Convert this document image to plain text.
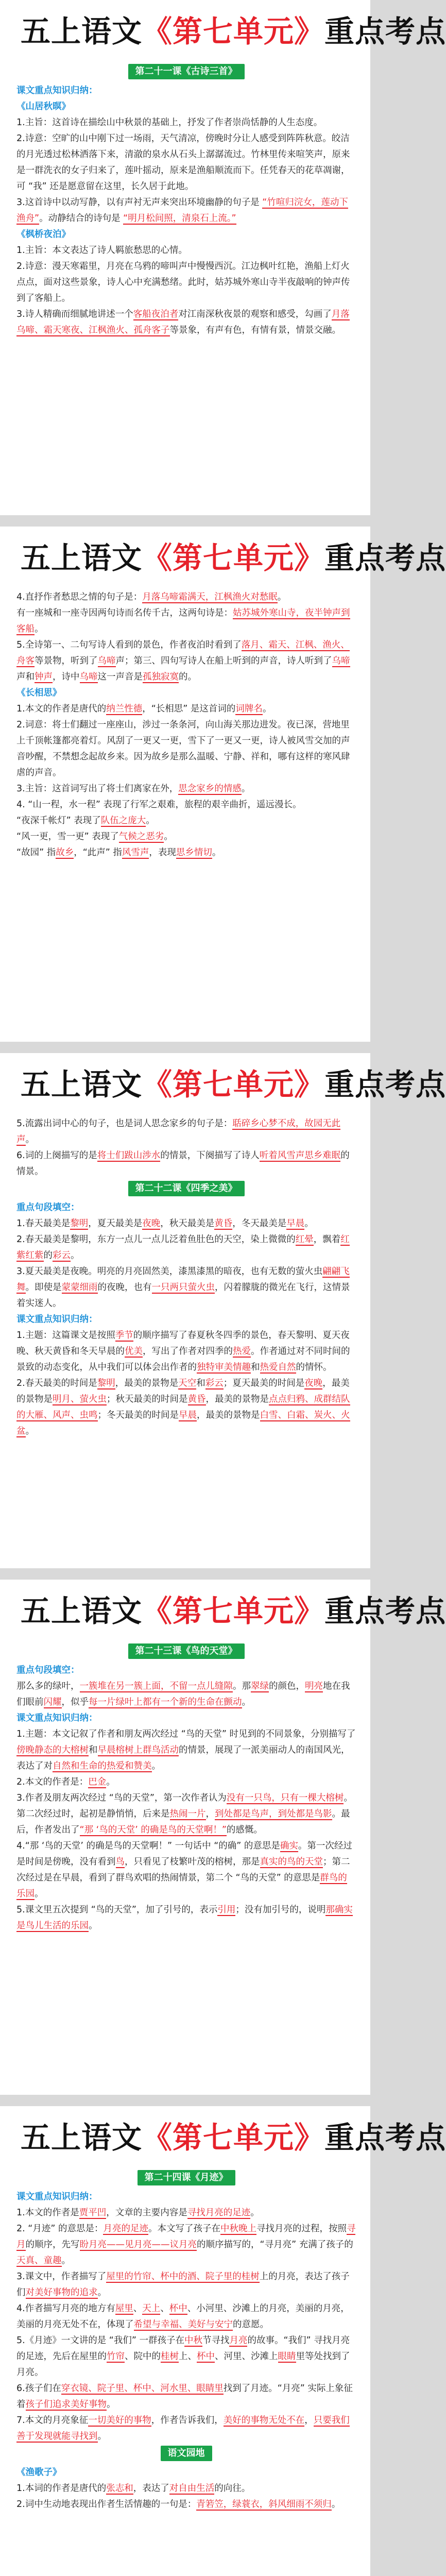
五上语文《第七单元》重点考点
第二十一课《古诗三首》

课文重点知识归纳：

《山居秋暝》

1.主旨：这首诗在描绘山中秋景的基础上，抒发了作者崇尚恬静的人生态度。

2.诗意：空旷的山中刚下过一场雨，天气清凉，傍晚时分让人感受到阵阵秋意。皎洁的月光透过松林洒落下来，清澈的泉水从石头上潺潺流过。竹林里传来喧笑声，原来是一群洗衣的女子归来了，莲叶摇动，原来是渔船顺流而下。任凭春天的花草凋谢，可 “我” 还是愿意留在这里，长久居于此地。

3.这首诗中以动写静，以有声衬无声来突出环境幽静的句子是 “竹喧归浣女，莲动下渔舟”。动静结合的诗句是 “明月松间照，清泉石上流。”

《枫桥夜泊》

1.主旨：本文表达了诗人羁旅愁思的心情。

2.诗意：漫天寒霜里，月亮在乌鸦的啼叫声中慢慢西沉。江边枫叶红艳，渔船上灯火点点，面对这些景象，诗人心中充满愁绪。此时，姑苏城外寒山寺半夜敲响的钟声传到了客船上。

3.诗人精确而细腻地讲述一个客船夜泊者对江南深秋夜景的观察和感受，勾画了月落乌啼、霜天寒夜、江枫渔火、孤舟客子等景象，有声有色，有情有景，情景交融。

五上语文《第七单元》重点考点

4.直抒作者愁思之情的句子是：月落乌啼霜满天，江枫渔火对愁眠。

有一座城和一座寺因两句诗而名传千古，这两句诗是：姑苏城外寒山寺，夜半钟声到客船。

5.全诗第一、二句写诗人看到的景色，作者夜泊时看到了落月、霜天、江枫、渔火、舟客等景物，听到了乌啼声；第三、四句写诗人在船上听到的声音，诗人听到了乌啼声和钟声，诗中乌啼这一声音是孤独寂寞的。

《长相思》

1.本文的作者是唐代的纳兰性德，“长相思” 是这首词的词牌名。

2.词意：将士们翻过一座座山，涉过一条条河，向山海关那边进发。夜已深，营地里上千顶帐篷都亮着灯。风刮了一更又一更，雪下了一更又一更，诗人被风雪交加的声音吵醒，不禁想念起故乡来。因为故乡是那么温暖、宁静、祥和，哪有这样的寒风肆虐的声音。

3.主旨：这首词写出了将士们离家在外，思念家乡的情感。

4. “山一程，水一程” 表现了行军之艰难，旅程的艰辛曲折，遥远漫长。

“夜深千帐灯” 表现了队伍之庞大。

“风一更，雪一更” 表现了气候之恶劣。

“故园” 指故乡，“此声” 指风雪声，表现思乡情切。

五上语文《第七单元》重点考点

5.流露出词中心的句子，也是词人思念家乡的句子是：聒碎乡心梦不成，故园无此声。

6.词的上阕描写的是将士们跋山涉水的情景，下阕描写了诗人听着风雪声思乡难眠的情景。

第二十二课《四季之美》

重点句段填空：

1.春天最美是黎明，夏天最美是夜晚，秋天最美是黄昏，冬天最美是早晨。

2.春天最美是黎明，东方一点儿一点儿泛着鱼肚色的天空，染上微微的红晕，飘着红紫红紫的彩云。

3.夏天最美是夜晚。明亮的月亮固然美，漆黑漆黑的暗夜，也有无数的萤火虫翩翩飞舞。即使是蒙蒙细雨的夜晚，也有一只两只萤火虫，闪着朦胧的微光在飞行，这情景着实迷人。

课文重点知识归纳：

1.主题：这篇课文是按照季节的顺序描写了春夏秋冬四季的景色，春天黎明、夏天夜晚、秋天黄昏和冬天早晨的优美，写出了作者对四季的热爱。作者通过对不同时间的景致的动态变化，从中我们可以体会出作者的独特审美情趣和热爱自然的情怀。

2.春天最美的时间是黎明，最美的景物是天空和彩云；夏天最美的时间是夜晚，最美的景物是明月、萤火虫；秋天最美的时间是黄昏，最美的景物是点点归鸦、成群结队的大雁、风声、虫鸣；冬天最美的时间是早晨，最美的景物是白雪、白霜、炭火、火盆。

五上语文《第七单元》重点考点
第二十三课《鸟的天堂》

重点句段填空：

那么多的绿叶，一簇堆在另一簇上面，不留一点儿缝隙。那翠绿的颜色，明亮地在我们眼前闪耀，似乎每一片绿叶上都有一个新的生命在颤动。

课文重点知识归纳：

1.主题：本文记叙了作者和朋友两次经过 “鸟的天堂” 时见到的不同景象，分别描写了傍晚静态的大榕树和早晨榕树上群鸟活动的情景，展现了一派美丽动人的南国风光，表达了对自然和生命的热爱和赞美。

2.本文的作者是：巴金。

3.作者及朋友两次经过 “鸟的天堂”，第一次作者认为没有一只鸟，只有一棵大榕树。第二次经过时，起初是静悄悄，后来是热闹一片，到处都是鸟声，到处都是鸟影。最后，作者发出了“那 ‘鸟的天堂’ 的确是鸟的天堂啊！”的感慨。

4.“那 ‘鸟的天堂’ 的确是鸟的天堂啊！” 一句话中 “的确” 的意思是确实。第一次经过是时间是傍晚，没有看到鸟，只看见了枝繁叶茂的榕树，那是真实的鸟的天堂；第二次经过是在早晨，看到了群鸟欢唱的热闹情景，第二个 “鸟的天堂” 的意思是群鸟的乐园。

5.课文里五次提到 “鸟的天堂”，加了引号的，表示引用；没有加引号的，说明那确实是鸟儿生活的乐园。

五上语文《第七单元》重点考点
第二十四课《月迹》

课文重点知识归纳：

1.本文的作者是贾平凹，文章的主要内容是寻找月亮的足迹。

2. “月迹” 的意思是：月亮的足迹。本文写了孩子在中秋晚上寻找月亮的过程，按照寻月的顺序，先写盼月亮——见月亮——议月亮的顺序描写的，“寻月亮” 充满了孩子的天真、童趣。

3.课文中，作者描写了屋里的竹帘、杯中的酒、院子里的桂树上的月亮，表达了孩子们对美好事物的追求。

4.作者描写月亮的地方有屋里、天上、杯中、小河里、沙滩上的月亮，美丽的月亮，美丽的月亮无处不在，体现了希望与幸福、美好与安宁的意愿。

5.《月迹》一文讲的是 “我们” 一群孩子在中秋节寻找月亮的故事。“我们” 寻找月亮的足迹，先后在屋里的竹帘、院中的桂树上、杯中、河里、沙滩上眼睛里等处找到了月亮。

6.孩子们在穿衣镜、院子里、杯中、河水里、眼睛里找到了月迹。“月亮” 实际上象征着孩子们追求美好事物。

7.本文的月亮象征一切美好的事物，作者告诉我们，美好的事物无处不在，只要我们善于发现就能寻找到。

语文园地

《渔歌子》

1.本词的作者是唐代的张志和，表达了对自由生活的向往。

2.词中生动地表现出作者生活情趣的一句是：青箬笠，绿蓑衣，斜风细雨不须归。
